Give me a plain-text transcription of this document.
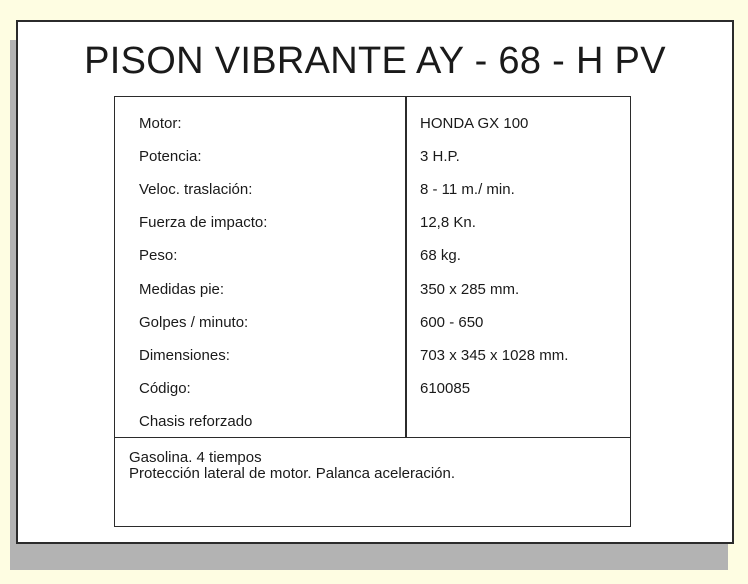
PISON VIBRANTE AY - 68 - H PV
Motor:	HONDA GX 100
Potencia:	3 H.P.
Veloc. traslación:	8 - 11 m./ min.
Fuerza de impacto:	12,8 Kn.
Peso:	68 kg.
Medidas pie:	350 x 285 mm.
Golpes / minuto:	600 - 650
Dimensiones:	703 x 345 x 1028 mm.
Código:	610085
Chasis reforzado
Gasolina. 4 tiempos
Protección lateral de motor. Palanca aceleración.
